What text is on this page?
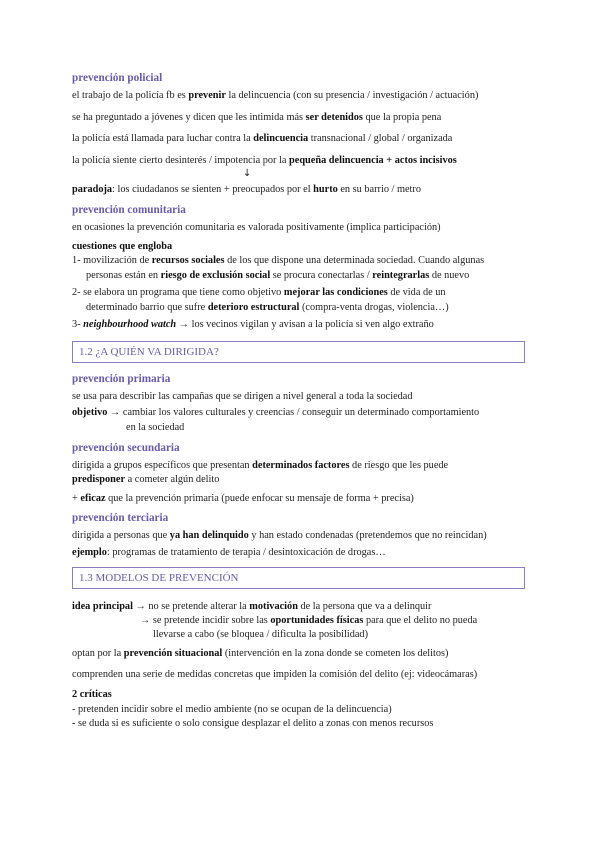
prevención policial
el trabajo de la policía fb es prevenir la delincuencia (con su presencia / investigación / actuación)
se ha preguntado a jóvenes y dicen que les intimida más ser detenidos que la propia pena
la policía está llamada para luchar contra la delincuencia transnacional / global / organizada
la policía siente cierto desinterés / impotencia por la pequeña delincuencia + actos incisivos
↓
paradoja: los ciudadanos se sienten + preocupados por el hurto en su barrio / metro
prevención comunitaria
en ocasiones la prevención comunitaria es valorada positivamente (implica participación)
cuestiones que engloba
1- movilización de recursos sociales de los que dispone una determinada sociedad. Cuando algunas
personas están en riesgo de exclusión social se procura conectarlas / reintegrarlas de nuevo
2- se elabora un programa que tiene como objetivo mejorar las condiciones de vida de un
determinado barrio que sufre deterioro estructural (compra-venta drogas, violencia…)
3- neighbourhood watch → los vecinos vigilan y avisan a la policía si ven algo extraño
1.2 ¿A QUIÉN VA DIRIGIDA?
prevención primaria
se usa para describir las campañas que se dirigen a nivel general a toda la sociedad
objetivo → cambiar los valores culturales y creencias / conseguir un determinado comportamiento
en la sociedad
prevención secundaria
dirigida a grupos específicos que presentan determinados factores de riesgo que les puede
predisponer a cometer algún delito
+ eficaz que la prevención primaria (puede enfocar su mensaje de forma + precisa)
prevención terciaria
dirigida a personas que ya han delinquido y han estado condenadas (pretendemos que no reincidan)
ejemplo: programas de tratamiento de terapia / desintoxicación de drogas…
1.3 MODELOS DE PREVENCIÓN
idea principal → no se pretende alterar la motivación de la persona que va a delinquir
→ se pretende incidir sobre las oportunidades físicas para que el delito no pueda
llevarse a cabo (se bloquea / dificulta la posibilidad)
optan por la prevención situacional (intervención en la zona donde se cometen los delitos)
comprenden una serie de medidas concretas que impiden la comisión del delito (ej: videocámaras)
2 críticas
- pretenden incidir sobre el medio ambiente (no se ocupan de la delincuencia)
- se duda si es suficiente o solo consigue desplazar el delito a zonas con menos recursos
